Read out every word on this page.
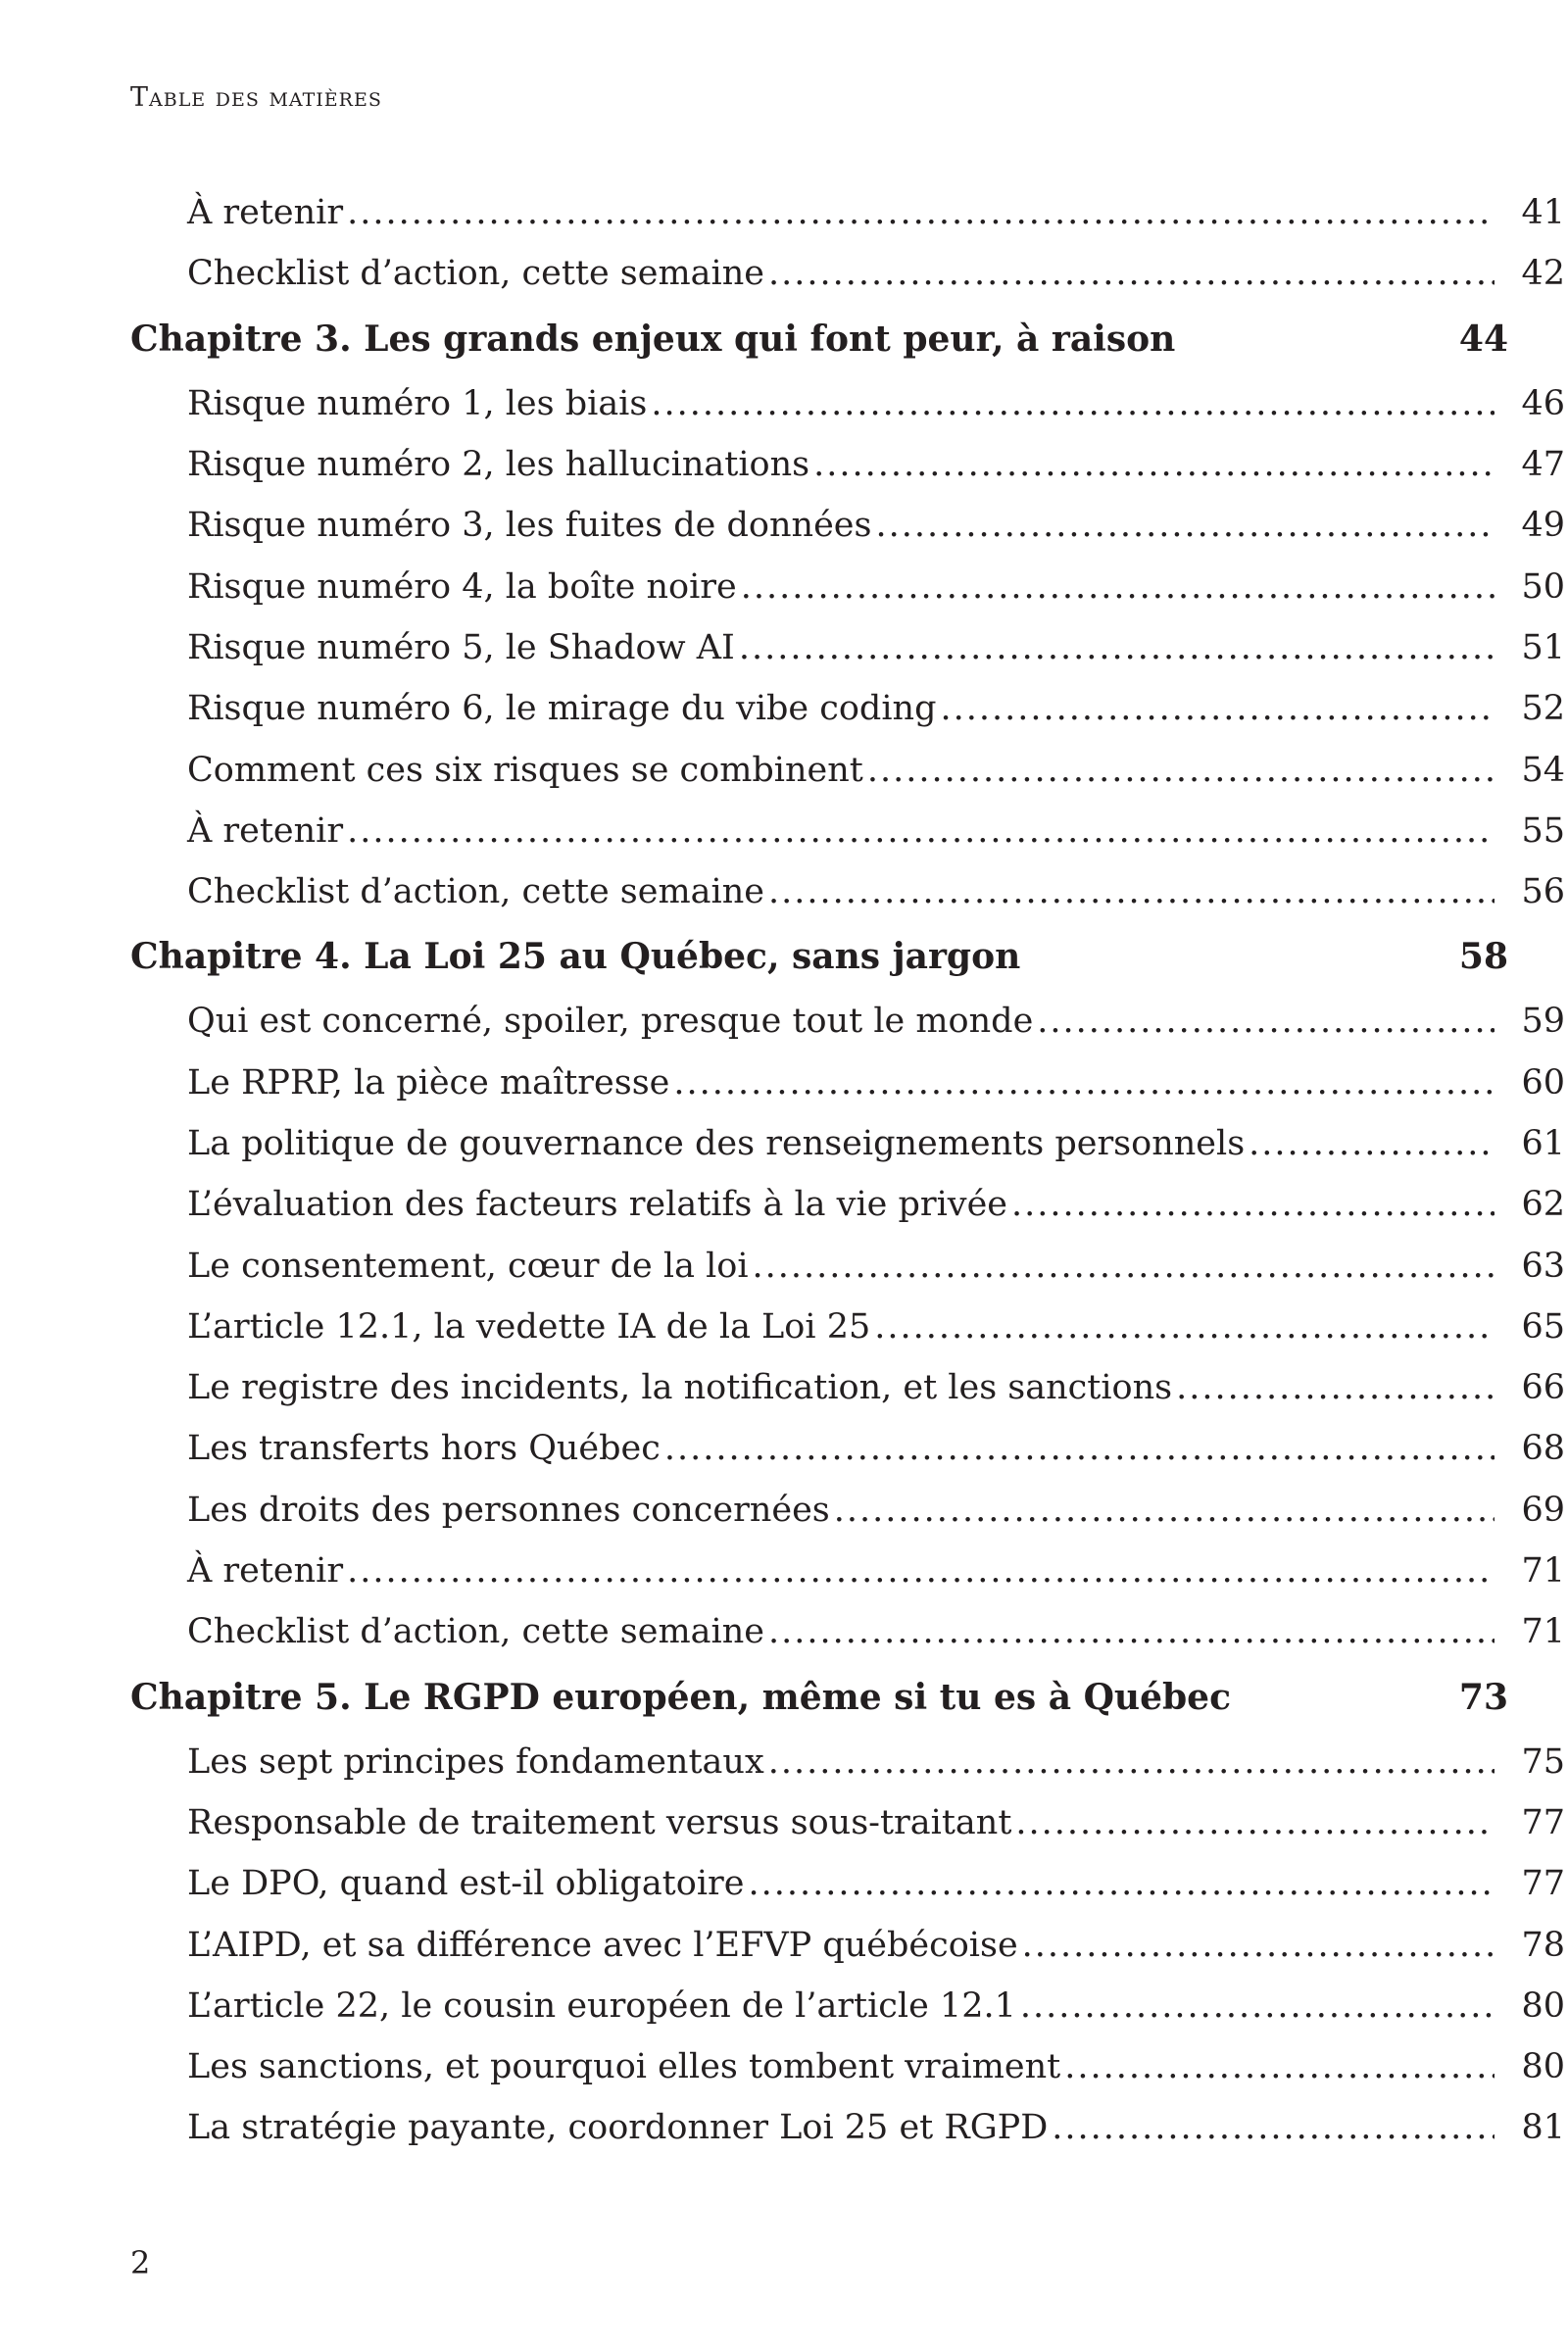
Table des matières
À retenir .....	41
Checklist d’action, cette semaine .....	42
Chapitre 3. Les grands enjeux qui font peur, à raison	44
Risque numéro 1, les biais .....	46
Risque numéro 2, les hallucinations .....	47
Risque numéro 3, les fuites de données .....	49
Risque numéro 4, la boîte noire .....	50
Risque numéro 5, le Shadow AI .....	51
Risque numéro 6, le mirage du vibe coding .....	52
Comment ces six risques se combinent .....	54
À retenir .....	55
Checklist d’action, cette semaine .....	56
Chapitre 4. La Loi 25 au Québec, sans jargon	58
Qui est concerné, spoiler, presque tout le monde .....	59
Le RPRP, la pièce maîtresse .....	60
La politique de gouvernance des renseignements personnels .....	61
L’évaluation des facteurs relatifs à la vie privée .....	62
Le consentement, cœur de la loi .....	63
L’article 12.1, la vedette IA de la Loi 25 .....	65
Le registre des incidents, la notification, et les sanctions .....	66
Les transferts hors Québec .....	68
Les droits des personnes concernées .....	69
À retenir .....	71
Checklist d’action, cette semaine .....	71
Chapitre 5. Le RGPD européen, même si tu es à Québec	73
Les sept principes fondamentaux .....	75
Responsable de traitement versus sous-traitant .....	77
Le DPO, quand est-il obligatoire .....	77
L’AIPD, et sa différence avec l’EFVP québécoise .....	78
L’article 22, le cousin européen de l’article 12.1 .....	80
Les sanctions, et pourquoi elles tombent vraiment .....	80
La stratégie payante, coordonner Loi 25 et RGPD .....	81
2
